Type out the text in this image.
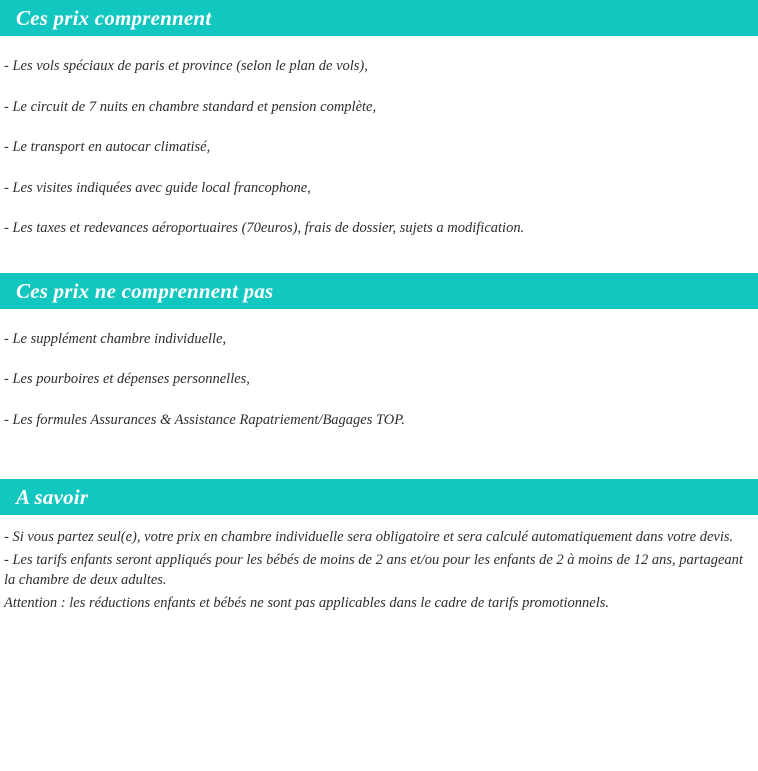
Ces prix comprennent
- Les vols spéciaux de paris et province (selon le plan de vols),
- Le circuit de 7 nuits en chambre standard et pension complète,
- Le transport en autocar climatisé,
- Les visites indiquées avec guide local francophone,
- Les taxes et redevances aéroportuaires (70euros), frais de dossier, sujets a modification.
Ces prix ne comprennent pas
- Le supplément chambre individuelle,
- Les pourboires et dépenses personnelles,
- Les formules Assurances & Assistance Rapatriement/Bagages TOP.
A savoir
- Si vous partez seul(e), votre prix en chambre individuelle sera obligatoire et sera calculé automatiquement dans votre devis.
- Les tarifs enfants seront appliqués pour les bébés de moins de 2 ans et/ou pour les enfants de 2 à moins de 12 ans, partageant la chambre de deux adultes.
Attention : les réductions enfants et bébés ne sont pas applicables dans le cadre de tarifs promotionnels.
